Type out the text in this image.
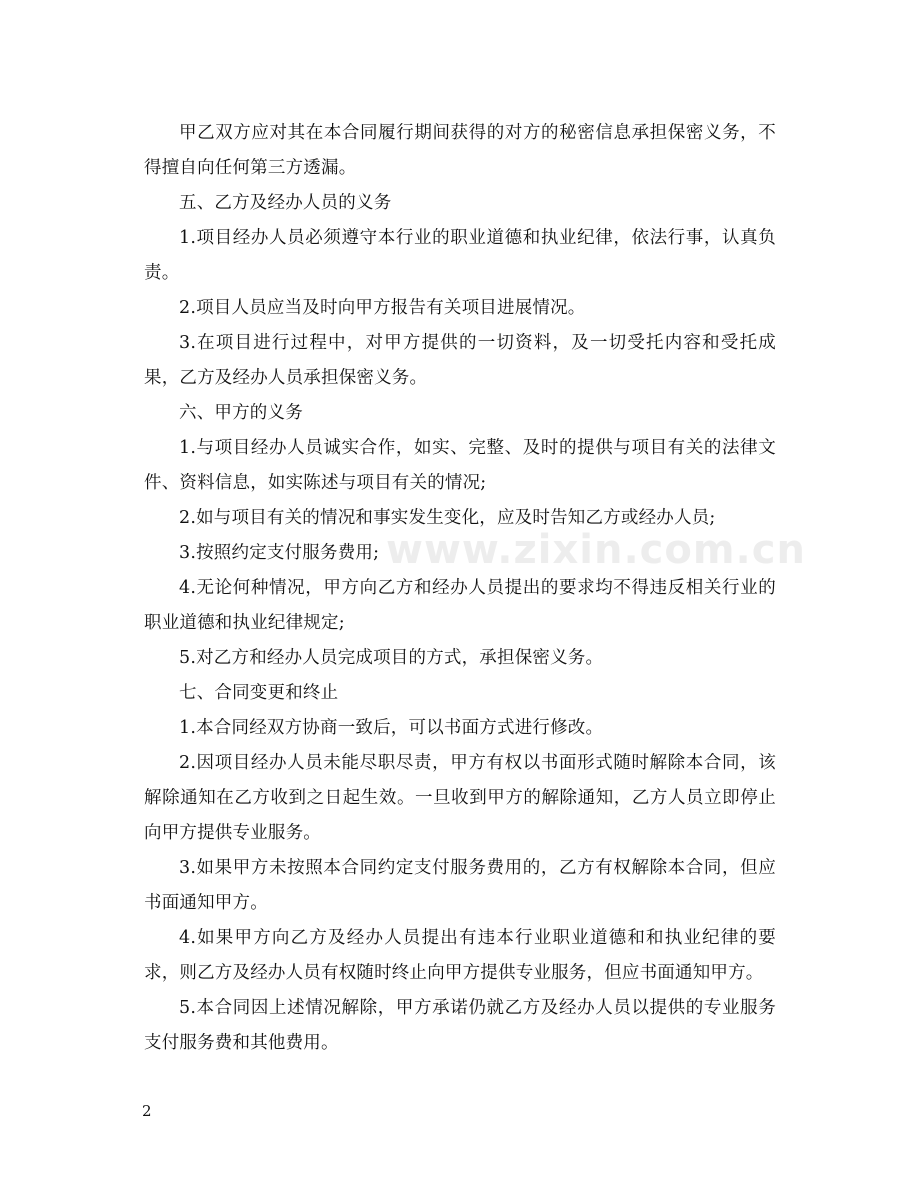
甲乙双方应对其在本合同履行期间获得的对方的秘密信息承担保密义务，不得擅自向任何第三方透漏。

五、乙方及经办人员的义务

1.项目经办人员必须遵守本行业的职业道德和执业纪律，依法行事，认真负责。

2.项目人员应当及时向甲方报告有关项目进展情况。

3.在项目进行过程中，对甲方提供的一切资料，及一切受托内容和受托成果，乙方及经办人员承担保密义务。

六、甲方的义务

1.与项目经办人员诚实合作，如实、完整、及时的提供与项目有关的法律文件、资料信息，如实陈述与项目有关的情况;

2.如与项目有关的情况和事实发生变化，应及时告知乙方或经办人员;

3.按照约定支付服务费用;

4.无论何种情况，甲方向乙方和经办人员提出的要求均不得违反相关行业的职业道德和执业纪律规定;

5.对乙方和经办人员完成项目的方式，承担保密义务。

七、合同变更和终止

1.本合同经双方协商一致后，可以书面方式进行修改。

2.因项目经办人员未能尽职尽责，甲方有权以书面形式随时解除本合同，该解除通知在乙方收到之日起生效。一旦收到甲方的解除通知，乙方人员立即停止向甲方提供专业服务。

3.如果甲方未按照本合同约定支付服务费用的，乙方有权解除本合同，但应书面通知甲方。

4.如果甲方向乙方及经办人员提出有违本行业职业道德和和执业纪律的要求，则乙方及经办人员有权随时终止向甲方提供专业服务，但应书面通知甲方。

5.本合同因上述情况解除，甲方承诺仍就乙方及经办人员以提供的专业服务支付服务费和其他费用。

www.zixin.com.cn
2
